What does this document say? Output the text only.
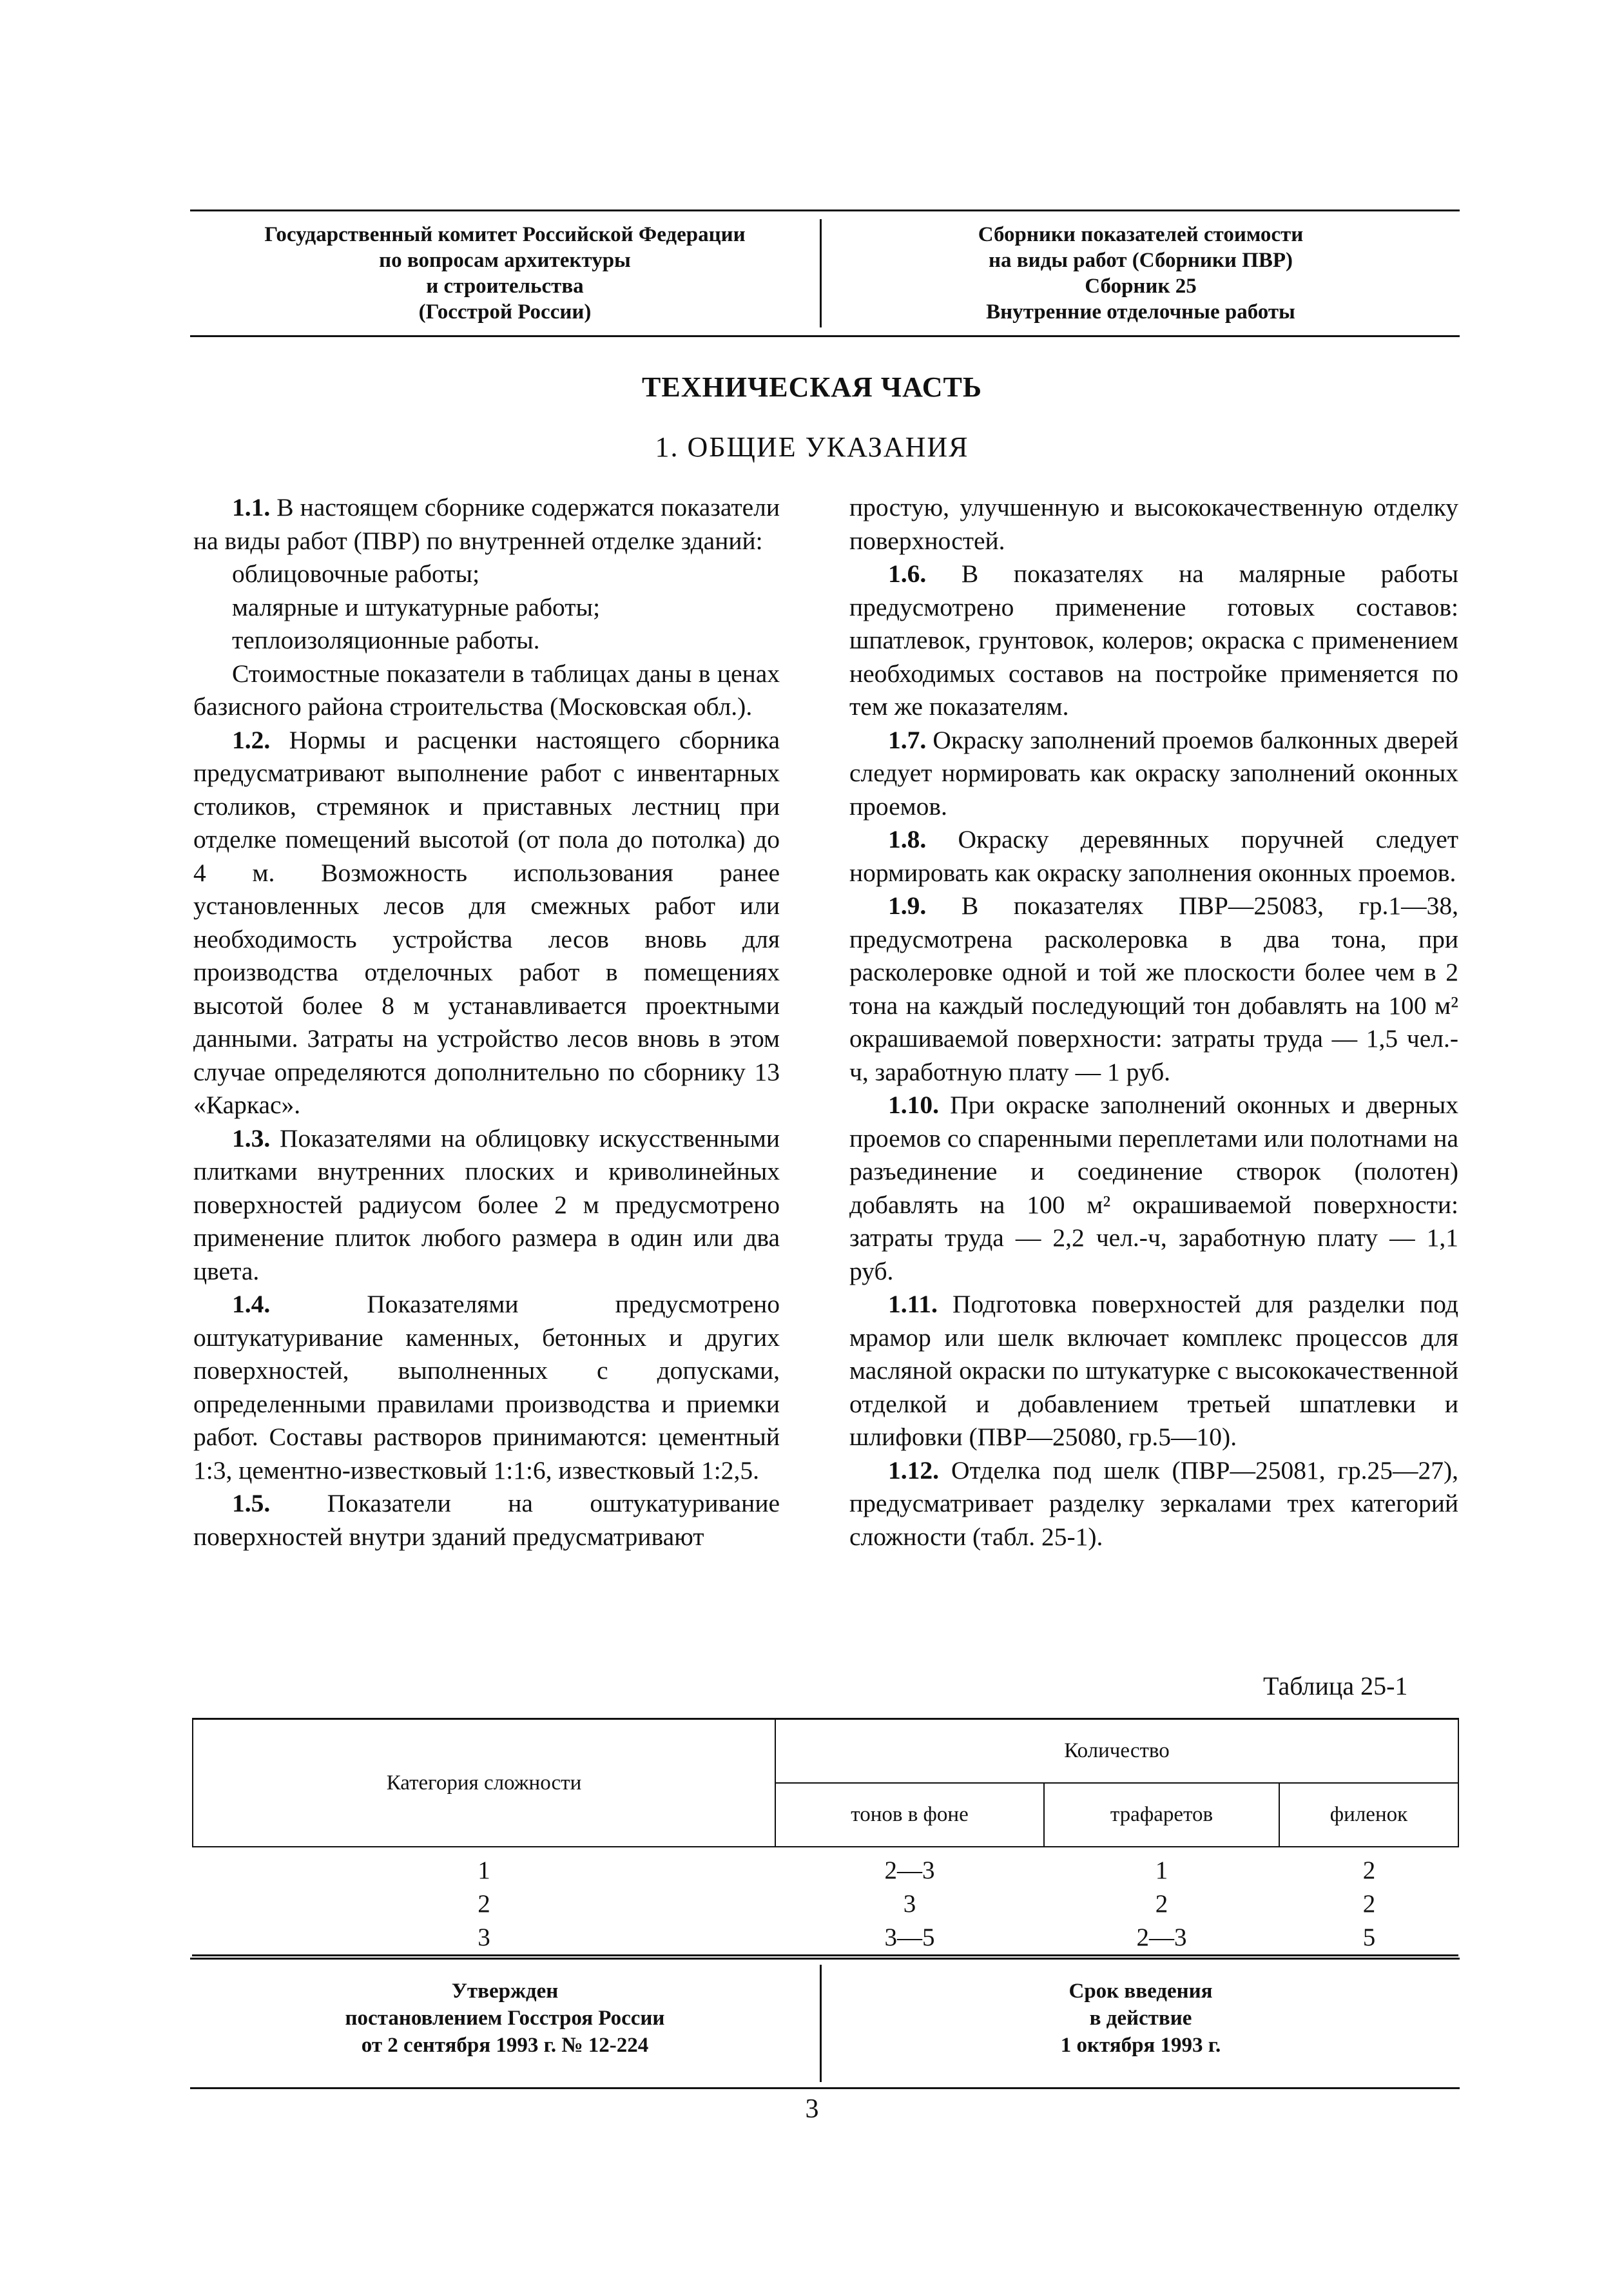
Государственный комитет Российской Федерации
по вопросам архитектуры
и строительства
(Госстрой России)
Сборники показателей стоимости
на виды работ (Сборники ПВР)
Сборник 25
Внутренние отделочные работы
ТЕХНИЧЕСКАЯ ЧАСТЬ
1. ОБЩИЕ УКАЗАНИЯ

1.1. В настоящем сборнике содержатся показатели на виды работ (ПВР) по внутренней отделке зданий:

облицовочные работы;

малярные и штукатурные работы;

теплоизоляционные работы.

Стоимостные показатели в таблицах даны в ценах базисного района строительства (Московская обл.).

1.2. Нормы и расценки настоящего сборника предусматривают выполнение работ с инвентарных столиков, стремянок и приставных лестниц при отделке помещений высотой (от пола до потолка) до 4 м. Возможность использования ранее установленных лесов для смежных работ или необходимость устройства лесов вновь для производства отделочных работ в помещениях высотой более 8 м устанавливается проектными данными. Затраты на устройство лесов вновь в этом случае определяются дополнительно по сборнику 13 «Каркас».

1.3. Показателями на облицовку искусственными плитками внутренних плоских и криволинейных поверхностей радиусом более 2 м предусмотрено применение плиток любого размера в один или два цвета.

1.4. Показателями предусмотрено оштукатуривание каменных, бетонных и других поверхностей, выполненных с допусками, определенными правилами производства и приемки работ. Составы растворов принимаются: цементный 1:3, цементно-известковый 1:1:6, известковый 1:2,5.

1.5. Показатели на оштукатуривание поверхностей внутри зданий предусматривают

простую, улучшенную и высококачественную отделку поверхностей.

1.6. В показателях на малярные работы предусмотрено применение готовых составов: шпатлевок, грунтовок, колеров; окраска с применением необходимых составов на постройке применяется по тем же показателям.

1.7. Окраску заполнений проемов балконных дверей следует нормировать как окраску заполнений оконных проемов.

1.8. Окраску деревянных поручней следует нормировать как окраску заполнения оконных проемов.

1.9. В показателях ПВР—25083, гр.1—38, предусмотрена расколеровка в два тона, при расколеровке одной и той же плоскости более чем в 2 тона на каждый последующий тон добавлять на 100 м² окрашиваемой поверхности: затраты труда — 1,5 чел.-ч, заработную плату — 1 руб.

1.10. При окраске заполнений оконных и дверных проемов со спаренными переплетами или полотнами на разъединение и соединение створок (полотен) добавлять на 100 м² окрашиваемой поверхности: затраты труда — 2,2 чел.-ч, заработную плату — 1,1 руб.

1.11. Подготовка поверхностей для разделки под мрамор или шелк включает комплекс процессов для масляной окраски по штукатурке с высококачественной отделкой и добавлением третьей шпатлевки и шлифовки (ПВР—25080, гр.5—10).

1.12. Отделка под шелк (ПВР—25081, гр.25—27), предусматривает разделку зеркалами трех категорий сложности (табл. 25-1).

Таблица 25-1
Категория сложности	Количество		
	тонов в фоне	трафаретов	филенок
1	2—3	1	2
2	3	2	2
3	3—5	2—3	5
Утвержден
постановлением Госстроя России
от 2 сентября 1993 г. № 12-224
Срок введения
в действие
1 октября 1993 г.
3
